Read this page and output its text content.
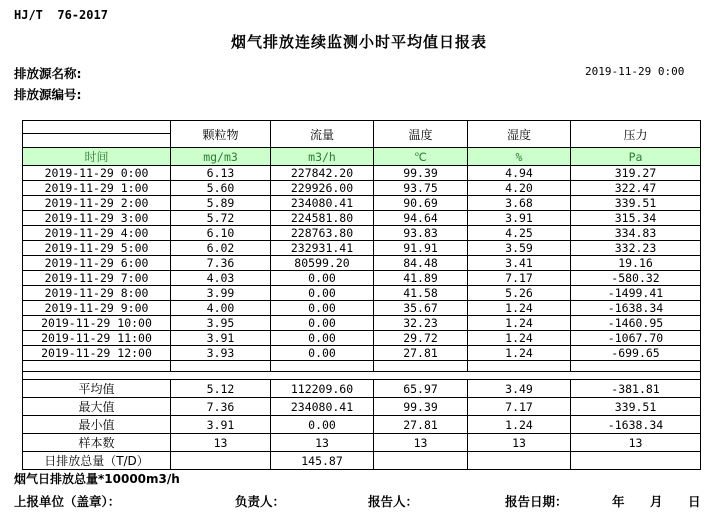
HJ/T  76-2017
烟气排放连续监测小时平均值日报表
排放源名称:
排放源编号:
2019-11-29 0:00
	颗粒物	流量	温度	湿度	压力

时间	mg/m3	m3/h	℃	%	Pa
2019-11-29 0:00	6.13	227842.20	99.39	4.94	319.27
2019-11-29 1:00	5.60	229926.00	93.75	4.20	322.47
2019-11-29 2:00	5.89	234080.41	90.69	3.68	339.51
2019-11-29 3:00	5.72	224581.80	94.64	3.91	315.34
2019-11-29 4:00	6.10	228763.80	93.83	4.25	334.83
2019-11-29 5:00	6.02	232931.41	91.91	3.59	332.23
2019-11-29 6:00	7.36	80599.20	84.48	3.41	19.16
2019-11-29 7:00	4.03	0.00	41.89	7.17	-580.32
2019-11-29 8:00	3.99	0.00	41.58	5.26	-1499.41
2019-11-29 9:00	4.00	0.00	35.67	1.24	-1638.34
2019-11-29 10:00	3.95	0.00	32.23	1.24	-1460.95
2019-11-29 11:00	3.91	0.00	29.72	1.24	-1067.70
2019-11-29 12:00	3.93	0.00	27.81	1.24	-699.65

平均值	5.12	112209.60	65.97	3.49	-381.81
最大值	7.36	234080.41	99.39	7.17	339.51
最小值	3.91	0.00	27.81	1.24	-1638.34
样本数	13	13	13	13	13
日排放总量（T/D）		145.87			
烟气日排放总量*10000m3/h
上报单位（盖章）：	负责人：	报告人：	报告日期：	年 月 日
